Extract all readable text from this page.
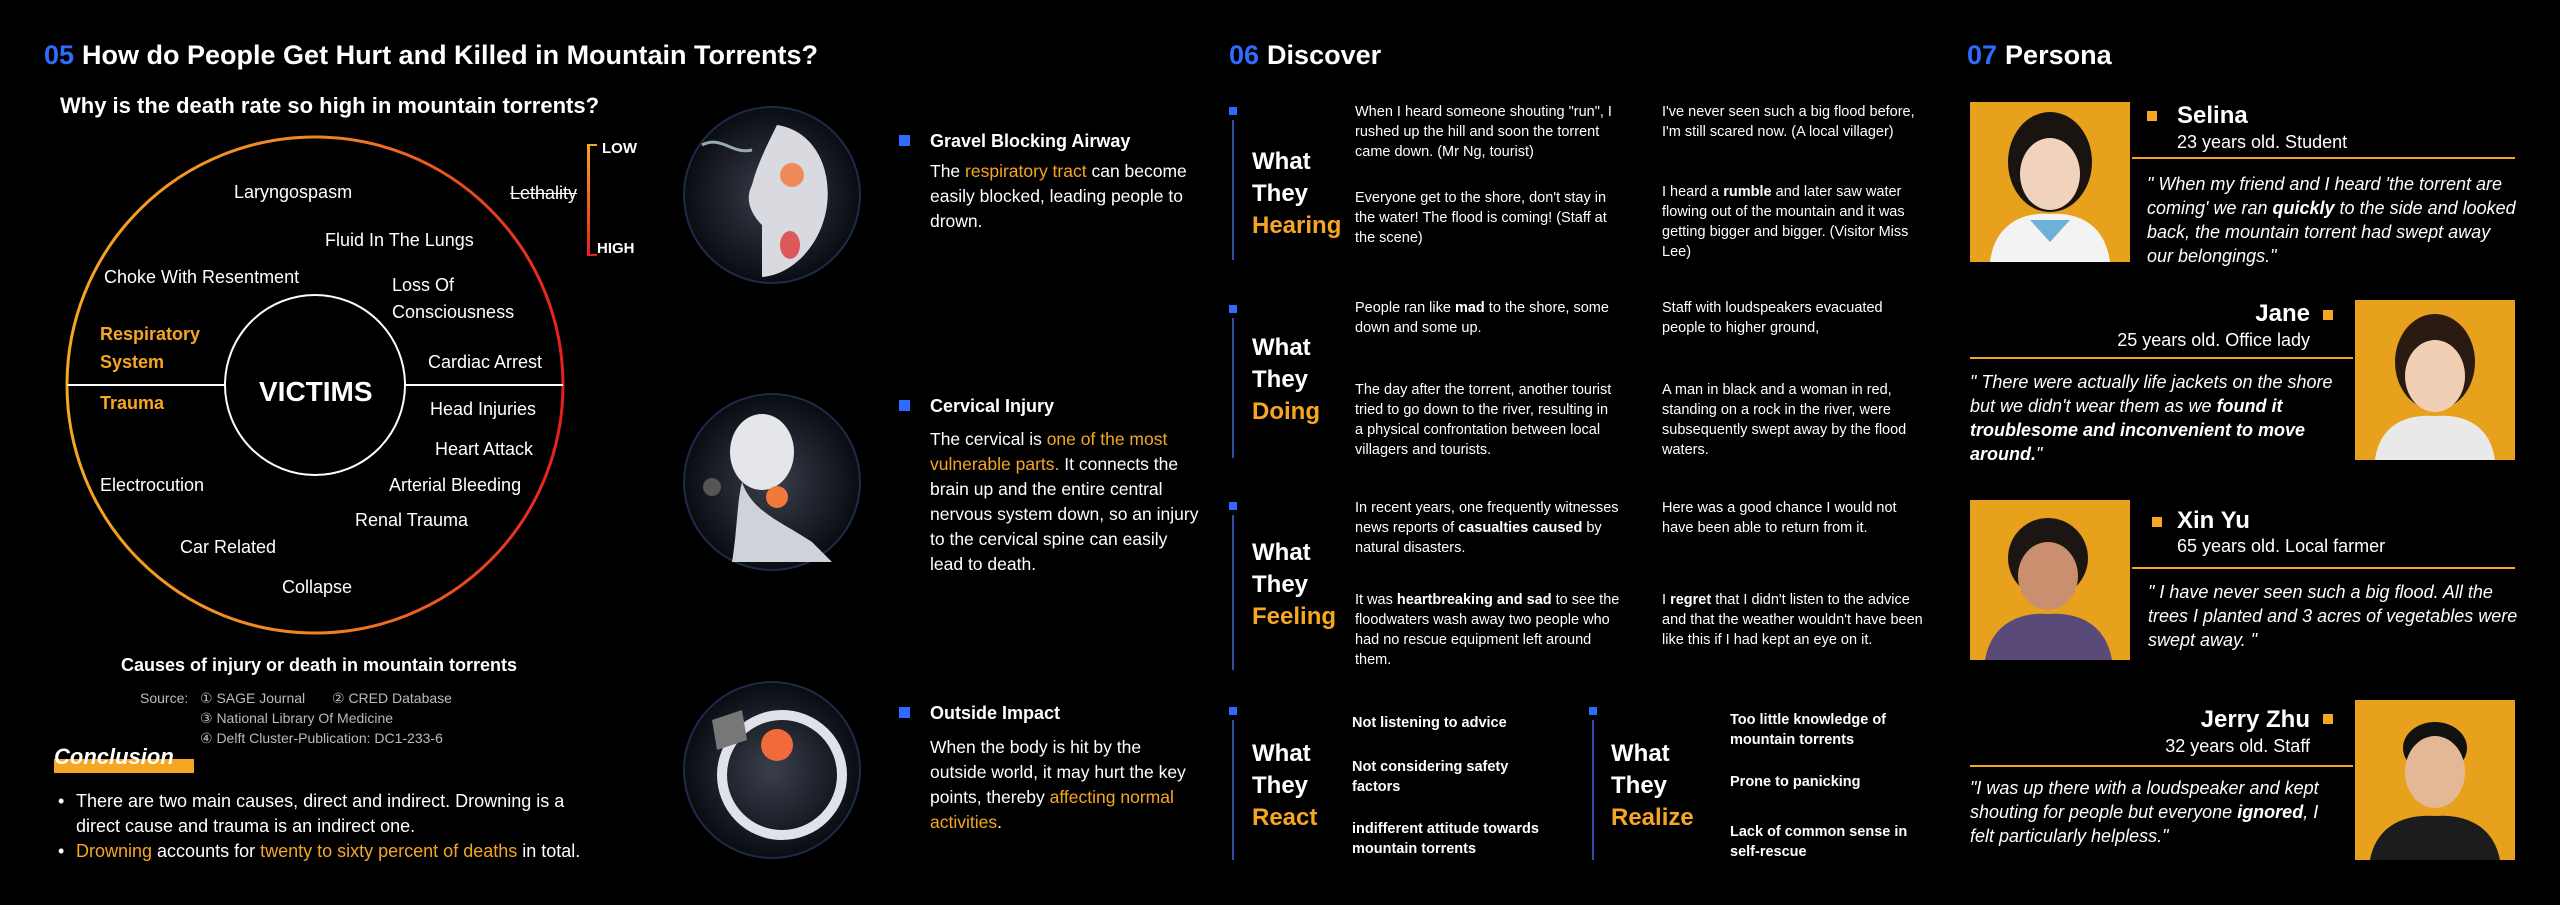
05 How do People Get Hurt and Killed in Mountain Torrents?
Why is the death rate so high in mountain torrents?
LOW
HIGH
Lethality
VICTIMS
Laryngospasm
Fluid In The Lungs
Choke With Resentment	Loss Of
Consciousness
Respiratory
System
Trauma
Cardiac Arrest
Head Injuries
Heart Attack
Electrocution	Arterial Bleeding
Renal Trauma
Car Related
Collapse
Causes of injury or death in mountain torrents
Source: ① SAGE Journal ② CRED Database
③ National Library Of Medicine
④ Delft Cluster-Publication: DC1-233-6
Conclusion
• There are two main causes, direct and indirect. Drowning is a direct cause and trauma is an indirect one.
• Drowning accounts for twenty to sixty percent of deaths in total.
Gravel Blocking Airway
The respiratory tract can become easily blocked, leading people to drown.
Cervical Injury
The cervical is one of the most vulnerable parts. It connects the brain up and the entire central nervous system down, so an injury to the cervical spine can easily lead to death.
Outside Impact
When the body is hit by the outside world, it may hurt the key points, thereby affecting normal activities.
06 Discover
What
They
Hearing
When I heard someone shouting "run", I rushed up the hill and soon the torrent came down. (Mr Ng, tourist)
I've never seen such a big flood before, I'm still scared now. (A local villager)
Everyone get to the shore, don't stay in the water! The flood is coming! (Staff at the scene)
I heard a rumble and later saw water flowing out of the mountain and it was getting bigger and bigger. (Visitor Miss Lee)
What
They
Doing
People ran like mad to the shore, some down and some up.
Staff with loudspeakers evacuated people to higher ground,
The day after the torrent, another tourist tried to go down to the river, resulting in a physical confrontation between local villagers and tourists.
A man in black and a woman in red, standing on a rock in the river, were subsequently swept away by the flood waters.
What
They
Feeling
In recent years, one frequently witnesses news reports of casualties caused by natural disasters.
Here was a good chance I would not have been able to return from it.
It was heartbreaking and sad to see the floodwaters wash away two people who had no rescue equipment left around them.
I regret that I didn't listen to the advice and that the weather wouldn't have been like this if I had kept an eye on it.
What
They
React
Not listening to advice
Not considering safety factors
indifferent attitude towards mountain torrents
What
They
Realize
Too little knowledge of mountain torrents
Prone to panicking
Lack of common sense in self-rescue
07 Persona
Selina
23 years old. Student
" When my friend and I heard 'the torrent are coming' we ran quickly to the side and looked back, the mountain torrent had swept away our belongings."
Jane
25 years old. Office lady
" There were actually life jackets on the shore but we didn't wear them as we found it troublesome and inconvenient to move around."
Xin Yu
65 years old. Local farmer
" I have never seen such a big flood. All the trees I planted and 3 acres of vegetables were swept away. "
Jerry Zhu
32 years old. Staff
"I was up there with a loudspeaker and kept shouting for people but everyone ignored, I felt particularly helpless."
